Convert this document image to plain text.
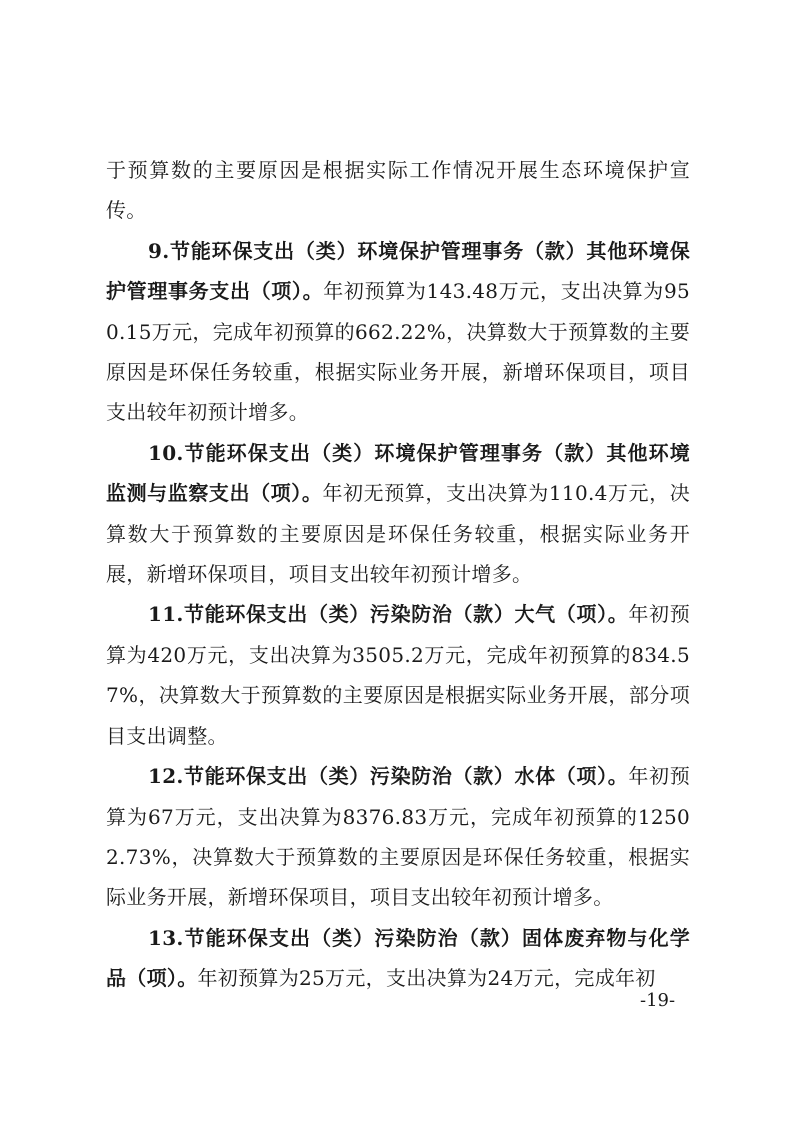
于预算数的主要原因是根据实际工作情况开展生态环境保护宣传。

9.节能环保支出（类）环境保护管理事务（款）其他环境保护管理事务支出（项）。年初预算为143.48万元，支出决算为950.15万元，完成年初预算的662.22%，决算数大于预算数的主要原因是环保任务较重，根据实际业务开展，新增环保项目，项目支出较年初预计增多。

10.节能环保支出（类）环境保护管理事务（款）其他环境监测与监察支出（项）。年初无预算，支出决算为110.4万元，决算数大于预算数的主要原因是环保任务较重，根据实际业务开展，新增环保项目，项目支出较年初预计增多。

11.节能环保支出（类）污染防治（款）大气（项）。年初预算为420万元，支出决算为3505.2万元，完成年初预算的834.57%，决算数大于预算数的主要原因是根据实际业务开展，部分项目支出调整。

12.节能环保支出（类）污染防治（款）水体（项）。年初预算为67万元，支出决算为8376.83万元，完成年初预算的12502.73%，决算数大于预算数的主要原因是环保任务较重，根据实际业务开展，新增环保项目，项目支出较年初预计增多。

13.节能环保支出（类）污染防治（款）固体废弃物与化学品（项）。年初预算为25万元，支出决算为24万元，完成年初

-19-
